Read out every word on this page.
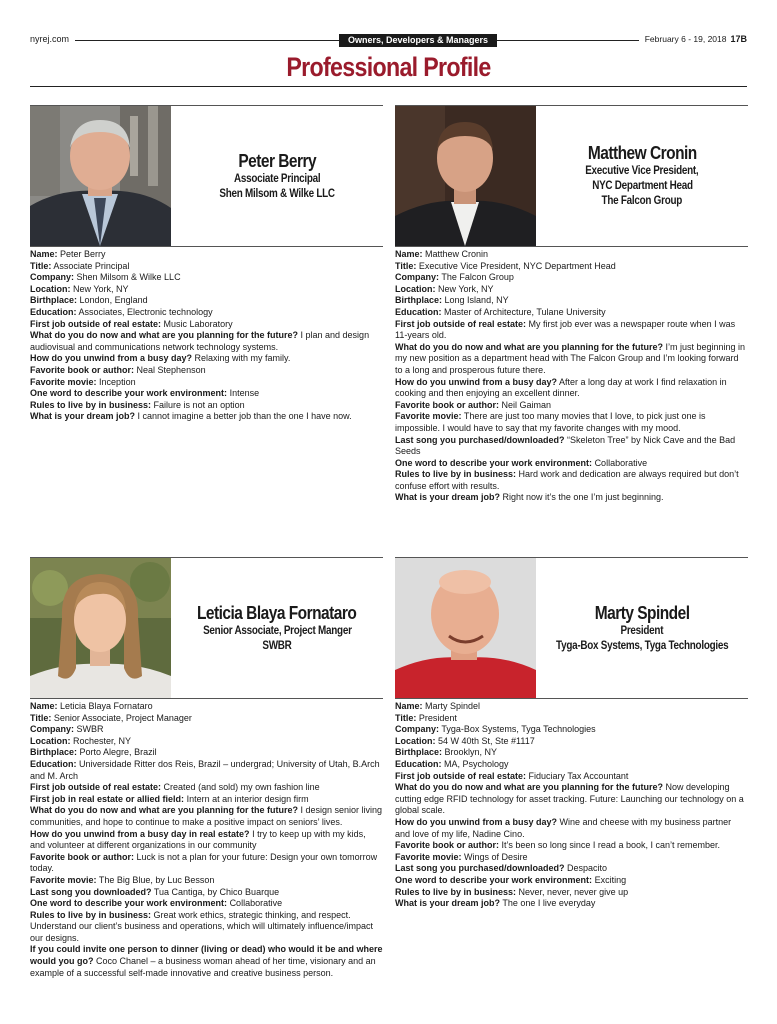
nyrej.com	Owners, Developers & Managers	February 6 - 19, 2018 17B
Professional Profile
Peter Berry
Associate Principal
Shen Milsom & Wilke LLC

Name: Peter Berry

Title: Associate Principal

Company: Shen Milsom & Wilke LLC

Location: New York, NY

Birthplace: London, England

Education: Associates, Electronic technology

First job outside of real estate: Music Laboratory

What do you do now and what are you planning for the future? I plan and design audiovisual and communications network technology systems.

How do you unwind from a busy day? Relaxing with my family.

Favorite book or author: Neal Stephenson

Favorite movie: Inception

One word to describe your work environment: Intense

Rules to live by in business: Failure is not an option

What is your dream job? I cannot imagine a better job than the one I have now.

Matthew Cronin
Executive Vice President,
NYC Department Head
The Falcon Group

Name: Matthew Cronin

Title: Executive Vice President, NYC Department Head

Company: The Falcon Group

Location: New York, NY

Birthplace: Long Island, NY

Education: Master of Architecture, Tulane University

First job outside of real estate: My first job ever was a newspaper route when I was 11-years old.

What do you do now and what are you planning for the future? I’m just beginning in my new position as a department head with The Falcon Group and I’m looking forward to a long and prosperous future there.

How do you unwind from a busy day? After a long day at work I find relaxation in cooking and then enjoying an excellent dinner.

Favorite book or author: Neil Gaiman

Favorite movie: There are just too many movies that I love, to pick just one is impossible. I would have to say that my favorite changes with my mood.

Last song you purchased/downloaded? “Skeleton Tree” by Nick Cave and the Bad Seeds

One word to describe your work environment: Collaborative

Rules to live by in business: Hard work and dedication are always required but don’t confuse effort with results.

What is your dream job? Right now it’s the one I’m just beginning.

Leticia Blaya Fornataro
Senior Associate, Project Manger
SWBR

Name: Leticia Blaya Fornataro

Title: Senior Associate, Project Manager

Company: SWBR

Location: Rochester, NY

Birthplace: Porto Alegre, Brazil

Education: Universidade Ritter dos Reis, Brazil – undergrad; University of Utah, B.Arch and M. Arch

First job outside of real estate: Created (and sold) my own fashion line

First job in real estate or allied field: Intern at an interior design firm

What do you do now and what are you planning for the future? I design senior living communities, and hope to continue to make a positive impact on seniors’ lives.

How do you unwind from a busy day in real estate? I try to keep up with my kids, and volunteer at different organizations in our community

Favorite book or author: Luck is not a plan for your future: Design your own tomorrow today.

Favorite movie: The Big Blue, by Luc Besson

Last song you downloaded? Tua Cantiga, by Chico Buarque

One word to describe your work environment: Collaborative

Rules to live by in business: Great work ethics, strategic thinking, and respect. Understand our client’s business and operations, which will ultimately influence/impact our designs.

If you could invite one person to dinner (living or dead) who would it be and where would you go? Coco Chanel – a business woman ahead of her time, visionary and an example of a successful self-made innovative and creative business person.

Marty Spindel
President
Tyga-Box Systems, Tyga Technologies

Name: Marty Spindel

Title: President

Company: Tyga-Box Systems, Tyga Technologies

Location: 54 W 40th St, Ste #1117

Birthplace: Brooklyn, NY

Education: MA, Psychology

First job outside of real estate: Fiduciary Tax Accountant

What do you do now and what are you planning for the future? Now developing cutting edge RFID technology for asset tracking. Future: Launching our technology on a global scale.

How do you unwind from a busy day? Wine and cheese with my business partner and love of my life, Nadine Cino.

Favorite book or author: It’s been so long since I read a book, I can’t remember.

Favorite movie: Wings of Desire

Last song you purchased/downloaded? Despacito

One word to describe your work environment: Exciting

Rules to live by in business: Never, never, never give up

What is your dream job? The one I live everyday
